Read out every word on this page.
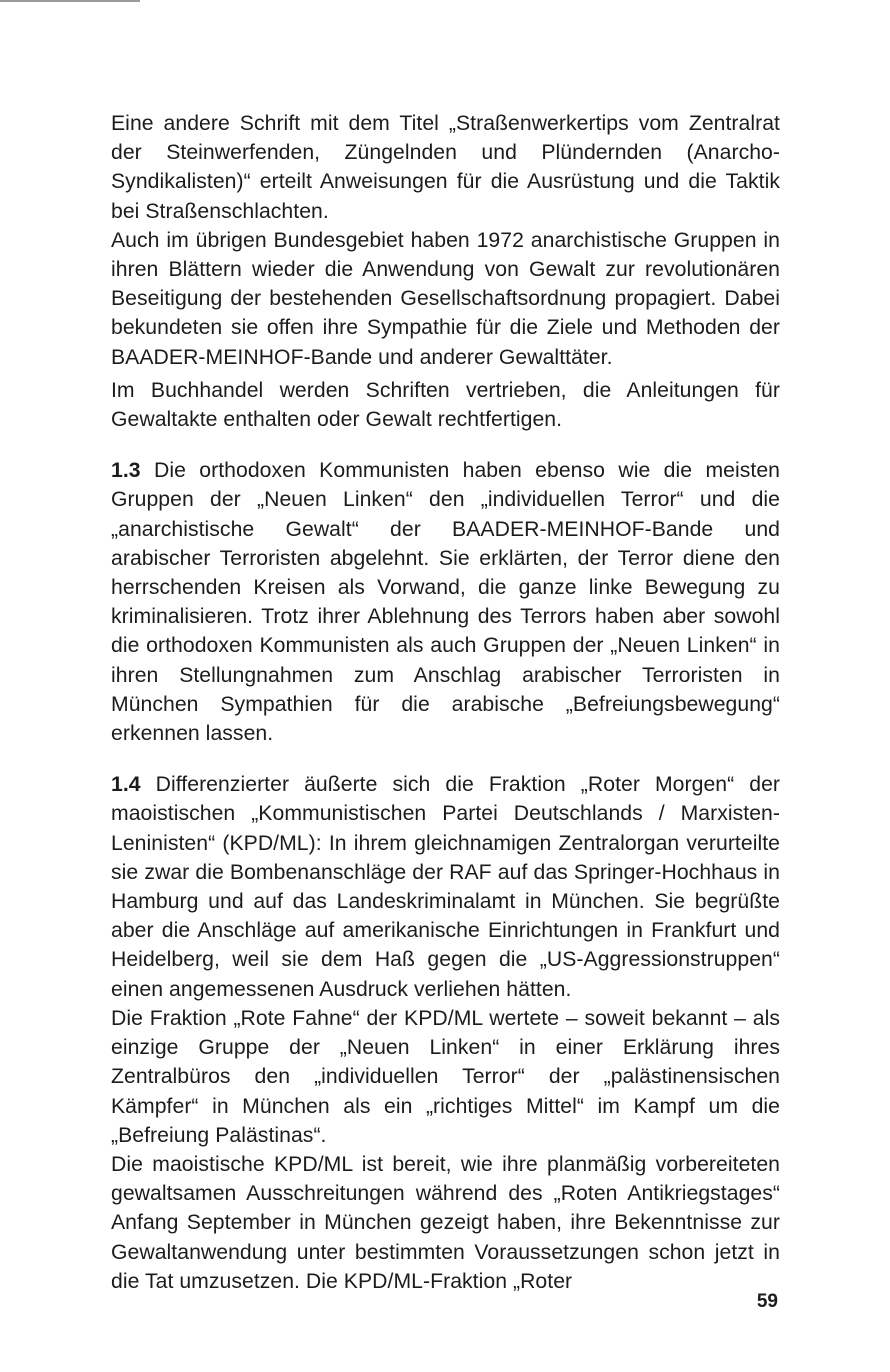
Eine andere Schrift mit dem Titel „Straßenwerkertips vom Zentralrat der Steinwerfenden, Züngelnden und Plündernden (Anarcho-Syndikalisten)“ erteilt Anweisungen für die Ausrüstung und die Taktik bei Straßenschlachten.

Auch im übrigen Bundesgebiet haben 1972 anarchistische Gruppen in ihren Blättern wieder die Anwendung von Gewalt zur revolutionären Beseitigung der bestehenden Gesellschaftsordnung propagiert. Dabei bekundeten sie offen ihre Sympathie für die Ziele und Methoden der BAADER-MEINHOF-Bande und anderer Gewalttäter.

Im Buchhandel werden Schriften vertrieben, die Anleitungen für Gewaltakte enthalten oder Gewalt rechtfertigen.

1.3 Die orthodoxen Kommunisten haben ebenso wie die meisten Gruppen der „Neuen Linken“ den „individuellen Terror“ und die „anarchistische Gewalt“ der BAADER-MEINHOF-Bande und arabischer Terroristen abgelehnt. Sie erklärten, der Terror diene den herrschenden Kreisen als Vorwand, die ganze linke Bewegung zu kriminalisieren. Trotz ihrer Ablehnung des Terrors haben aber sowohl die orthodoxen Kommunisten als auch Gruppen der „Neuen Linken“ in ihren Stellungnahmen zum Anschlag arabischer Terroristen in München Sympathien für die arabische „Befreiungsbewegung“ erkennen lassen.

1.4 Differenzierter äußerte sich die Fraktion „Roter Morgen“ der maoistischen „Kommunistischen Partei Deutschlands / Marxisten-Leninisten“ (KPD/ML): In ihrem gleichnamigen Zentralorgan verurteilte sie zwar die Bombenanschläge der RAF auf das Springer-Hochhaus in Hamburg und auf das Landeskriminalamt in München. Sie begrüßte aber die Anschläge auf amerikanische Einrichtungen in Frankfurt und Heidelberg, weil sie dem Haß gegen die „US-Aggressionstruppen“ einen angemessenen Ausdruck verliehen hätten.

Die Fraktion „Rote Fahne“ der KPD/ML wertete – soweit bekannt – als einzige Gruppe der „Neuen Linken“ in einer Erklärung ihres Zentralbüros den „individuellen Terror“ der „palästinensischen Kämpfer“ in München als ein „richtiges Mittel“ im Kampf um die „Befreiung Palästinas“.

Die maoistische KPD/ML ist bereit, wie ihre planmäßig vorbereiteten gewaltsamen Ausschreitungen während des „Roten Antikriegstages“ Anfang September in München gezeigt haben, ihre Bekenntnisse zur Gewaltanwendung unter bestimmten Voraussetzungen schon jetzt in die Tat umzusetzen. Die KPD/ML-Fraktion „Roter

59
